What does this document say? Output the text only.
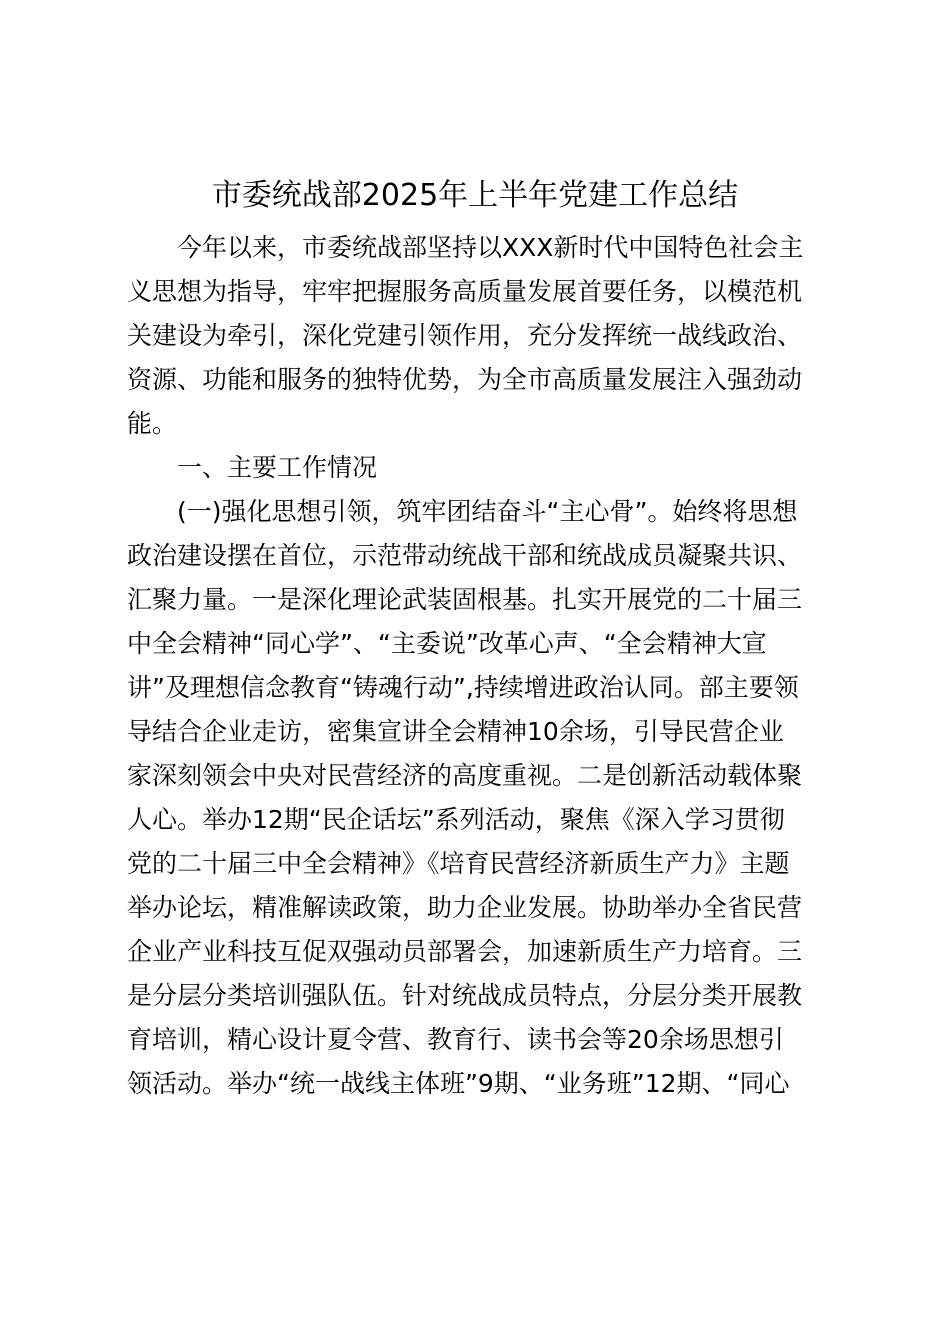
市委统战部2025年上半年党建工作总结
今年以来，市委统战部坚持以XXX新时代中国特色社会主
义思想为指导，牢牢把握服务高质量发展首要任务，以模范机
关建设为牵引，深化党建引领作用，充分发挥统一战线政治、
资源、功能和服务的独特优势，为全市高质量发展注入强劲动
能。
一、主要工作情况
(一)强化思想引领，筑牢团结奋斗“主心骨”。始终将思想
政治建设摆在首位，示范带动统战干部和统战成员凝聚共识、
汇聚力量。一是深化理论武装固根基。扎实开展党的二十届三
中全会精神“同心学”、“主委说”改革心声、“全会精神大宣
讲”及理想信念教育“铸魂行动”,持续增进政治认同。部主要领
导结合企业走访，密集宣讲全会精神10余场，引导民营企业
家深刻领会中央对民营经济的高度重视。二是创新活动载体聚
人心。举办12期“民企话坛”系列活动，聚焦《深入学习贯彻
党的二十届三中全会精神》《培育民营经济新质生产力》主题
举办论坛，精准解读政策，助力企业发展。协助举办全省民营
企业产业科技互促双强动员部署会，加速新质生产力培育。三
是分层分类培训强队伍。针对统战成员特点，分层分类开展教
育培训，精心设计夏令营、教育行、读书会等20余场思想引
领活动。举办“统一战线主体班”9期、“业务班”12期、“同心
